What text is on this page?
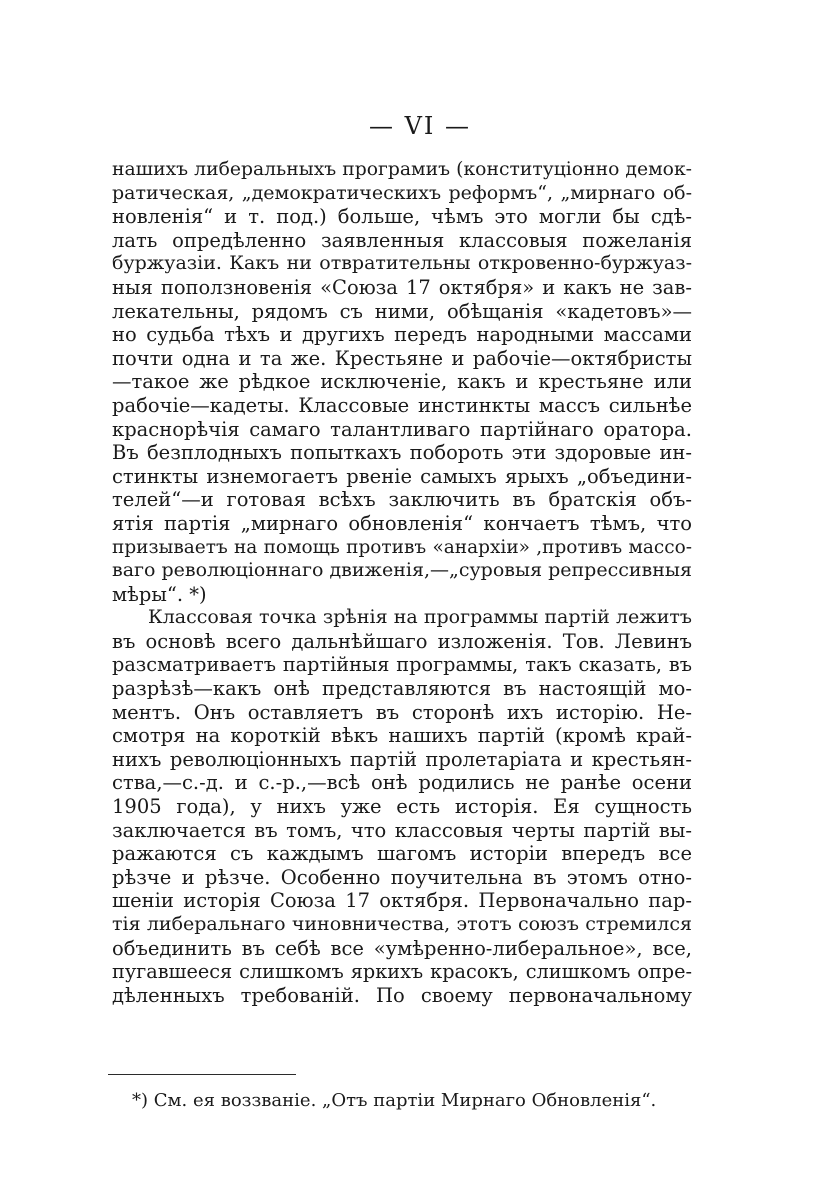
— VI —
нашихъ либеральныхъ програмиъ (конституціонно демок-
ратическая, „демократическихъ реформъ“, „мирнаго об-
новленія“ и т. под.) больше, чѣмъ это могли бы сдѣ-
лать опредѣленно заявленныя классовыя пожеланія
буржуазіи. Какъ ни отвратительны откровенно-буржуаз-
ныя поползновенія «Союза 17 октября» и какъ не зав-
лекательны, рядомъ съ ними, обѣщанія «кадетовъ»—
но судьба тѣхъ и другихъ передъ народными массами
почти одна и та же. Крестьяне и рабочіе—октябристы
—такое же рѣдкое исключеніе, какъ и крестьяне или
рабочіе—кадеты. Классовые инстинкты массъ сильнѣе
краснорѣчія самаго талантливаго партійнаго оратора.
Въ безплодныхъ попыткахъ побороть эти здоровые ин-
стинкты изнемогаетъ рвеніе самыхъ ярыхъ „объедини-
телей“—и готовая всѣхъ заключить въ братскія объ-
ятія партія „мирнаго обновленія“ кончаетъ тѣмъ, что
призываетъ на помощь противъ «анархіи» ,противъ массо-
ваго революціоннаго движенія,—„суровыя репрессивныя
мѣры“. *)
Классовая точка зрѣнія на программы партій лежитъ
въ основѣ всего дальнѣйшаго изложенія. Тов. Левинъ
разсматриваетъ партійныя программы, такъ сказать, въ
разрѣзѣ—какъ онѣ представляются въ настоящій мо-
ментъ. Онъ оставляетъ въ сторонѣ ихъ исторію. Не-
смотря на короткій вѣкъ нашихъ партій (кромѣ край-
нихъ революціонныхъ партій пролетаріата и крестьян-
ства,—с.-д. и с.-р.,—всѣ онѣ родились не ранѣе осени
1905 года), у нихъ уже есть исторія. Ея сущность
заключается въ томъ, что классовыя черты партій вы-
ражаются съ каждымъ шагомъ исторіи впередъ все
рѣзче и рѣзче. Особенно поучительна въ этомъ отно-
шеніи исторія Союза 17 октября. Первоначально пар-
тія либеральнаго чиновничества, этотъ союзъ стремился
объединить въ себѣ все «умѣренно-либеральное», все,
пугавшееся слишкомъ яркихъ красокъ, слишкомъ опре-
дѣленныхъ требованій. По своему первоначальному
*) См. ея воззваніе. „Отъ партіи Мирнаго Обновленія“.
